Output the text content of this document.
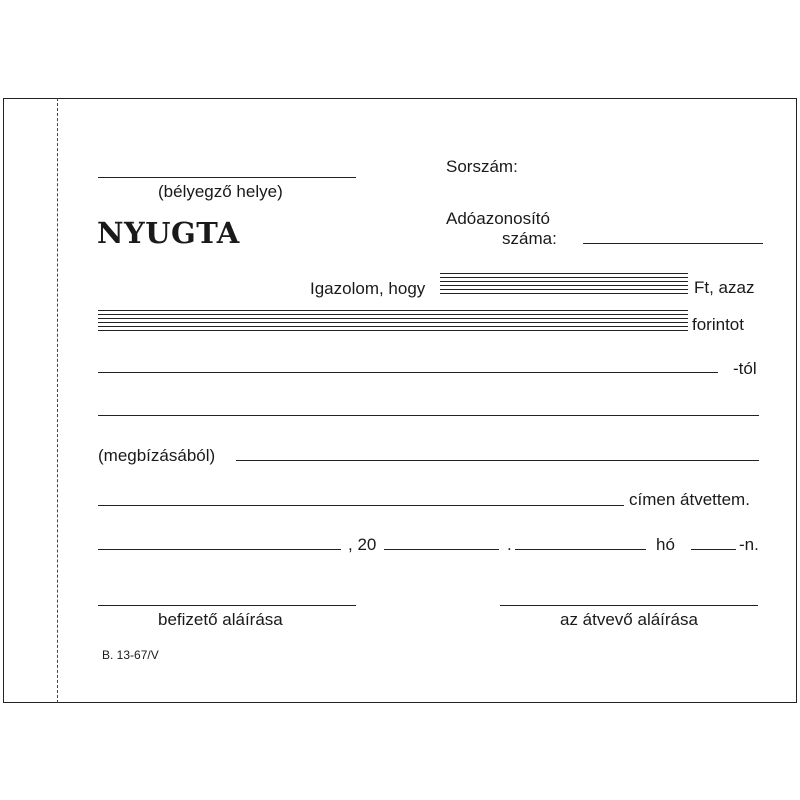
(bélyegző helye)
NYUGTA
Sorszám:
Adóazonosító
száma:
Igazolom, hogy	Ft, azaz
forintot
-tól
(megbízásából)
címen átvettem.
, 20	.	hó	-n.
befizető aláírása	az átvevő aláírása
B. 13-67/V
